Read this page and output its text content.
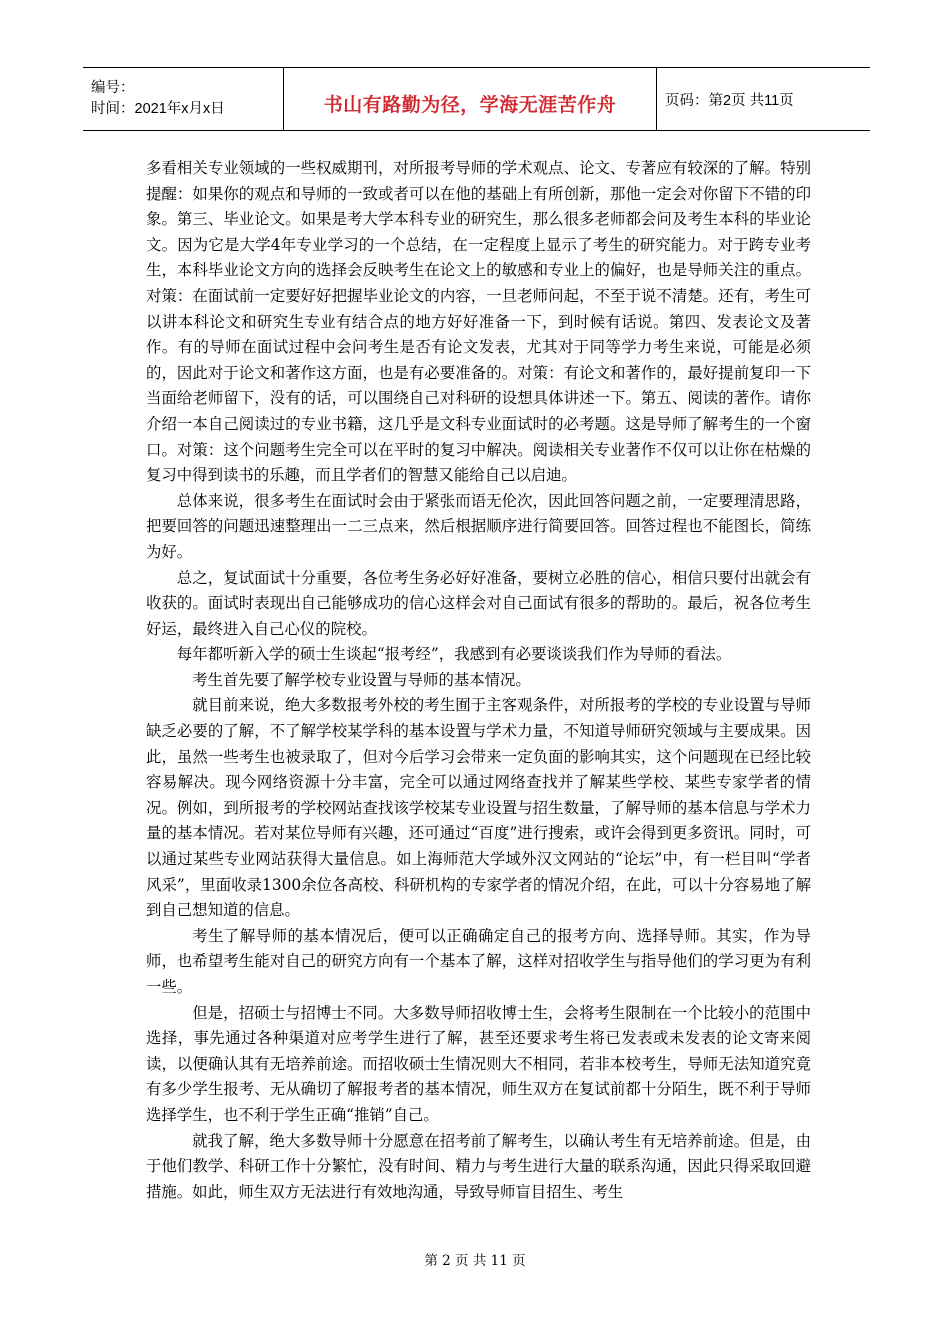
编号：
时间：2021年x月x日	书山有路勤为径，学海无涯苦作舟	页码：第2页 共11页

多看相关专业领域的一些权威期刊，对所报考导师的学术观点、论文、专著应有较深的了解。特别提醒：如果你的观点和导师的一致或者可以在他的基础上有所创新，那他一定会对你留下不错的印象。第三、毕业论文。如果是考大学本科专业的研究生，那么很多老师都会问及考生本科的毕业论文。因为它是大学4年专业学习的一个总结，在一定程度上显示了考生的研究能力。对于跨专业考生，本科毕业论文方向的选择会反映考生在论文上的敏感和专业上的偏好，也是导师关注的重点。对策：在面试前一定要好好把握毕业论文的内容，一旦老师问起，不至于说不清楚。还有，考生可以讲本科论文和研究生专业有结合点的地方好好准备一下，到时候有话说。第四、发表论文及著作。有的导师在面试过程中会问考生是否有论文发表，尤其对于同等学力考生来说，可能是必须的，因此对于论文和著作这方面，也是有必要准备的。对策：有论文和著作的，最好提前复印一下当面给老师留下，没有的话，可以围绕自己对科研的设想具体讲述一下。第五、阅读的著作。请你介绍一本自己阅读过的专业书籍，这几乎是文科专业面试时的必考题。这是导师了解考生的一个窗口。对策：这个问题考生完全可以在平时的复习中解决。阅读相关专业著作不仅可以让你在枯燥的复习中得到读书的乐趣，而且学者们的智慧又能给自己以启迪。

总体来说，很多考生在面试时会由于紧张而语无伦次，因此回答问题之前，一定要理清思路，把要回答的问题迅速整理出一二三点来，然后根据顺序进行简要回答。回答过程也不能图长，简练为好。

总之，复试面试十分重要，各位考生务必好好准备，要树立必胜的信心，相信只要付出就会有收获的。面试时表现出自己能够成功的信心这样会对自己面试有很多的帮助的。最后，祝各位考生好运，最终进入自己心仪的院校。

每年都听新入学的硕士生谈起“报考经”，我感到有必要谈谈我们作为导师的看法。

考生首先要了解学校专业设置与导师的基本情况。

就目前来说，绝大多数报考外校的考生囿于主客观条件，对所报考的学校的专业设置与导师缺乏必要的了解，不了解学校某学科的基本设置与学术力量，不知道导师研究领域与主要成果。因此，虽然一些考生也被录取了，但对今后学习会带来一定负面的影响其实，这个问题现在已经比较容易解决。现今网络资源十分丰富，完全可以通过网络查找并了解某些学校、某些专家学者的情况。例如，到所报考的学校网站查找该学校某专业设置与招生数量，了解导师的基本信息与学术力量的基本情况。若对某位导师有兴趣，还可通过“百度”进行搜索，或许会得到更多资讯。同时，可以通过某些专业网站获得大量信息。如上海师范大学域外汉文网站的“论坛”中，有一栏目叫“学者风采”，里面收录1300余位各高校、科研机构的专家学者的情况介绍，在此，可以十分容易地了解到自己想知道的信息。

考生了解导师的基本情况后，便可以正确确定自己的报考方向、选择导师。其实，作为导师，也希望考生能对自己的研究方向有一个基本了解，这样对招收学生与指导他们的学习更为有利一些。

但是，招硕士与招博士不同。大多数导师招收博士生，会将考生限制在一个比较小的范围中选择，事先通过各种渠道对应考学生进行了解，甚至还要求考生将已发表或未发表的论文寄来阅读，以便确认其有无培养前途。而招收硕士生情况则大不相同，若非本校考生，导师无法知道究竟有多少学生报考、无从确切了解报考者的基本情况，师生双方在复试前都十分陌生，既不利于导师选择学生，也不利于学生正确“推销”自己。

就我了解，绝大多数导师十分愿意在招考前了解考生，以确认考生有无培养前途。但是，由于他们教学、科研工作十分繁忙，没有时间、精力与考生进行大量的联系沟通，因此只得采取回避措施。如此，师生双方无法进行有效地沟通，导致导师盲目招生、考生

第 2 页 共 11 页
